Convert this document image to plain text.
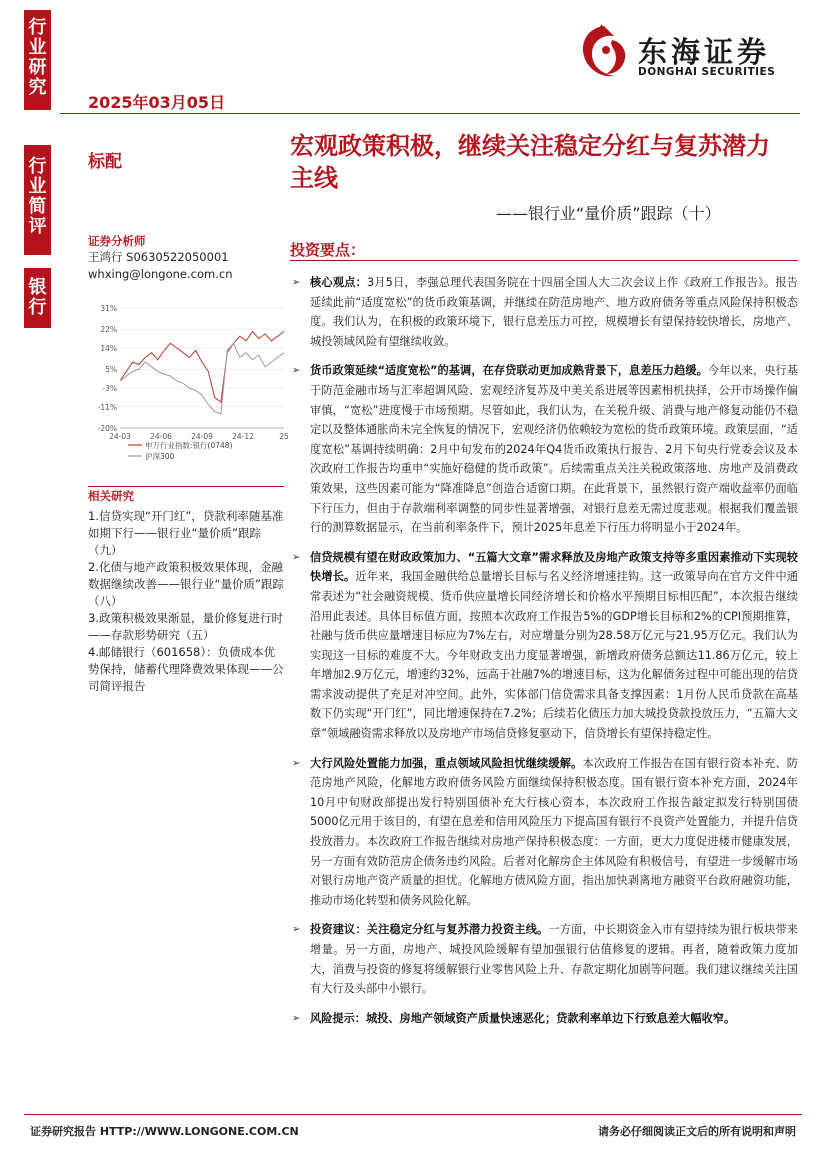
行
业
研
究
行
业
简
评
银
行
2025年03月05日
东海证券
DONGHAI SECURITIES
标配
宏观政策积极，继续关注稳定分红与复苏潜力主线
——银行业“量价质”跟踪（十）
证券分析师
王鸿行 S0630522050001
whxing@longone.com.cn
31%
22%
14%
5%
-3%
-11%
-20%
24-03	24-06	24-09	24-12	25
申万行业指数:银行(0748)
沪深300
相关研究

1.信贷实现“开门红”，贷款利率随基准如期下行——银行业“量价质”跟踪（九）

2.化债与地产政策积极效果体现，金融数据继续改善——银行业“量价质”跟踪（八）

3.政策积极效果渐显，量价修复进行时——存款形势研究（五）

4.邮储银行（601658）：负债成本优势保持，储蓄代理降费效果体现——公司简评报告

投资要点：
➢ 核心观点：3月5日，李强总理代表国务院在十四届全国人大二次会议上作《政府工作报告》。报告延续此前“适度宽松”的货币政策基调，并继续在防范房地产、地方政府债务等重点风险保持积极态度。我们认为，在积极的政策环境下，银行息差压力可控，规模增长有望保持较快增长，房地产、城投领域风险有望继续收敛。
➢ 货币政策延续“适度宽松”的基调，在存贷联动更加成熟背景下，息差压力趋缓。今年以来，央行基于防范金融市场与汇率超调风险、宏观经济复苏及中美关系进展等因素相机抉择，公开市场操作偏审慎，“宽松”进度慢于市场预期。尽管如此，我们认为，在关税升级、消费与地产修复动能仍不稳定以及整体通胀尚未完全恢复的情况下，宏观经济仍依赖较为宽松的货币政策环境。政策层面，“适度宽松”基调持续明确：2月中旬发布的2024年Q4货币政策执行报告、2月下旬央行党委会议及本次政府工作报告均重申“实施好稳健的货币政策”。后续需重点关注关税政策落地、房地产及消费政策效果，这些因素可能为“降准降息”创造合适窗口期。在此背景下，虽然银行资产端收益率仍面临下行压力，但由于存款端利率调整的同步性显著增强，对银行息差无需过度悲观。根据我们覆盖银行的测算数据显示，在当前利率条件下，预计2025年息差下行压力将明显小于2024年。
➢ 信贷规模有望在财政政策加力、“五篇大文章”需求释放及房地产政策支持等多重因素推动下实现较快增长。近年来，我国金融供给总量增长目标与名义经济增速挂钩。这一政策导向在官方文件中通常表述为“社会融资规模、货币供应量增长同经济增长和价格水平预期目标相匹配”，本次报告继续沿用此表述。具体目标值方面，按照本次政府工作报告5%的GDP增长目标和2%的CPI预期推算，社融与货币供应量增速目标应为7%左右，对应增量分别为28.58万亿元与21.95万亿元。我们认为实现这一目标的难度不大。今年财政支出力度显著增强，新增政府债务总额达11.86万亿元，较上年增加2.9万亿元，增速约32%，远高于社融7%的增速目标，这为化解债务过程中可能出现的信贷需求波动提供了充足对冲空间。此外，实体部门信贷需求具备支撑因素：1月份人民币贷款在高基数下仍实现“开门红”，同比增速保持在7.2%；后续若化债压力加大城投贷款投放压力，“五篇大文章”领域融资需求释放以及房地产市场信贷修复驱动下，信贷增长有望保持稳定性。
➢ 大行风险处置能力加强，重点领域风险担忧继续缓解。本次政府工作报告在国有银行资本补充、防范房地产风险，化解地方政府债务风险方面继续保持积极态度。国有银行资本补充方面，2024年10月中旬财政部提出发行特别国债补充大行核心资本，本次政府工作报告敲定拟发行特别国债5000亿元用于该目的，有望在息差和信用风险压力下提高国有银行不良资产处置能力，并提升信贷投放潜力。本次政府工作报告继续对房地产保持积极态度：一方面，更大力度促进楼市健康发展，另一方面有效防范房企债务违约风险。后者对化解房企主体风险有积极信号，有望进一步缓解市场对银行房地产资产质量的担忧。化解地方债风险方面，指出加快剥离地方融资平台政府融资功能，推动市场化转型和债务风险化解。
➢ 投资建议：关注稳定分红与复苏潜力投资主线。一方面，中长期资金入市有望持续为银行板块带来增量。另一方面，房地产、城投风险缓解有望加强银行估值修复的逻辑。再者，随着政策力度加大，消费与投资的修复将缓解银行业零售风险上升、存款定期化加剧等问题。我们建议继续关注国有大行及头部中小银行。
➢ 风险提示：城投、房地产领域资产质量快速恶化；贷款利率单边下行致息差大幅收窄。
证券研究报告 HTTP://WWW.LONGONE.COM.CN	请务必仔细阅读正文后的所有说明和声明
